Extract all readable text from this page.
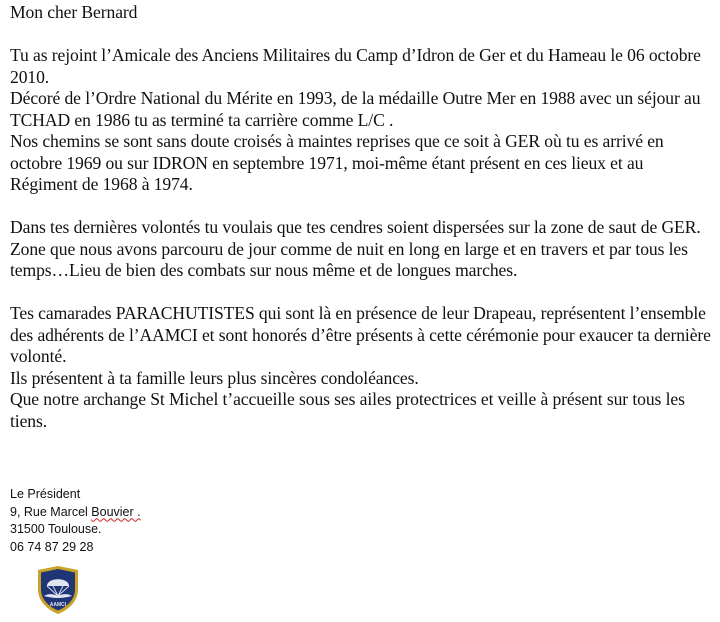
Mon cher Bernard

Tu as rejoint l’Amicale des Anciens Militaires du Camp d’Idron de Ger et du Hameau le 06 octobre 2010.

Décoré de l’Ordre National du Mérite en 1993, de la médaille Outre Mer en 1988 avec un séjour au TCHAD en 1986 tu as terminé ta carrière comme L/C .

Nos chemins se sont sans doute croisés à maintes reprises que ce soit à GER où tu es arrivé en octobre 1969 ou sur IDRON en septembre 1971, moi-même étant présent en ces lieux et au Régiment de 1968 à 1974.

Dans tes dernières volontés tu voulais que tes cendres soient dispersées sur la zone de saut de GER.

Zone que nous avons parcouru de jour comme de nuit en long en large et en travers et par tous les temps…Lieu de bien des combats sur nous même et de longues marches.

Tes camarades PARACHUTISTES qui sont là en présence de leur Drapeau, représentent l’ensemble des adhérents de l’AAMCI et sont honorés d’être présents à cette cérémonie pour exaucer ta dernière volonté.

Ils présentent à ta famille leurs plus sincères condoléances.

Que notre archange St Michel t’accueille sous ses ailes protectrices et veille à présent sur tous les tiens.

Le Président
9, Rue Marcel Bouvier .
31500 Toulouse.
06 74 87 29 28
AAMCI
